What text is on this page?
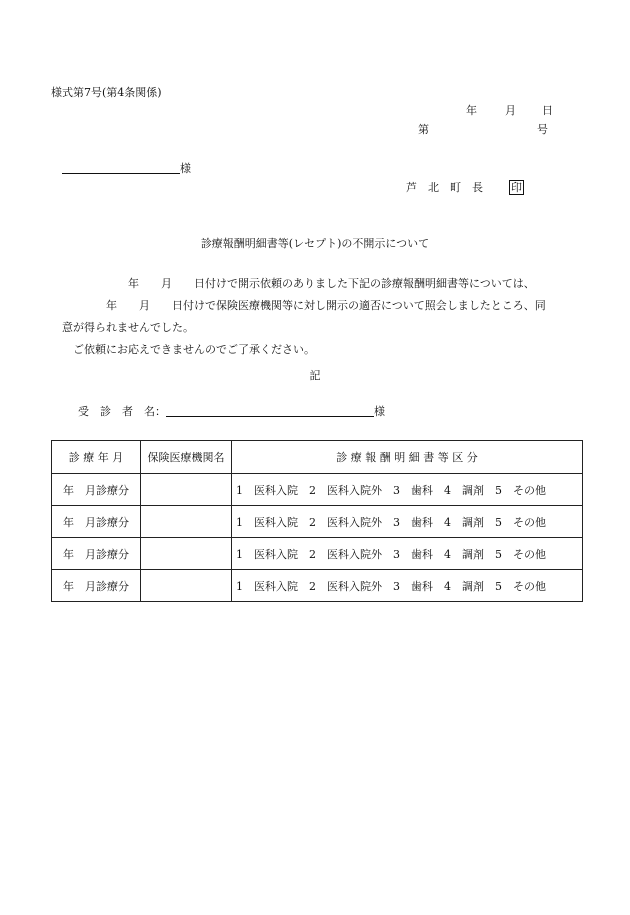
様式第7号(第4条関係)
年	月 日
第	号
様
芦　北　町　長	印
診療報酬明細書等(レセプト)の不開示について
　　　　　　年　　月　　日付けで開示依頼のありました下記の診療報酬明細書等については、
　　　　年　　月　　日付けで保険医療機関等に対し開示の適否について照会しましたところ、同
意が得られませんでした。
　ご依頼にお応えできませんのでご了承ください。
記
受　診　者　名：	様
診 療 年 月	保険医療機関名	診 療 報 酬 明 細 書 等 区 分
年　月診療分		1　医科入院　2　医科入院外　3　歯科　4　調剤　5　その他
年　月診療分		1　医科入院　2　医科入院外　3　歯科　4　調剤　5　その他
年　月診療分		1　医科入院　2　医科入院外　3　歯科　4　調剤　5　その他
年　月診療分		1　医科入院　2　医科入院外　3　歯科　4　調剤　5　その他
